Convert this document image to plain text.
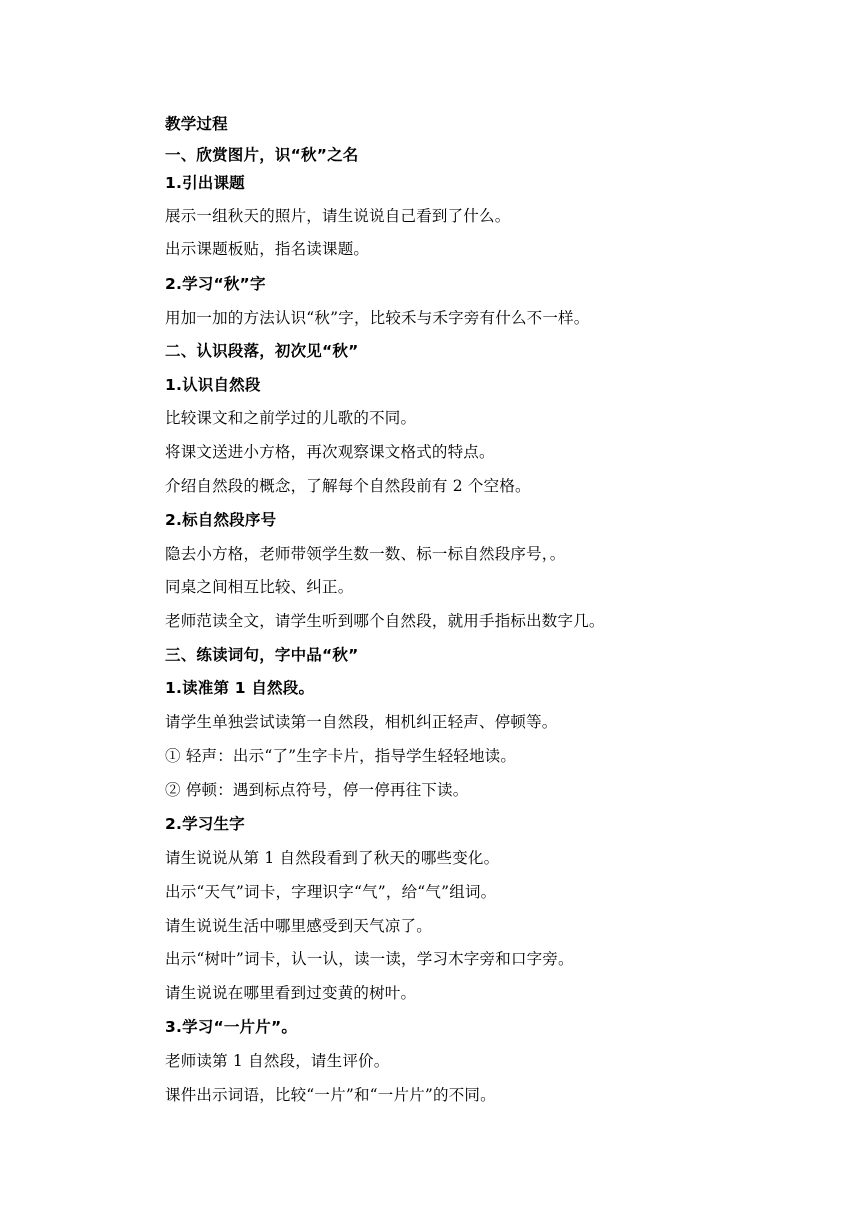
教学过程
一、欣赏图片，识“秋”之名
1.引出课题
展示一组秋天的照片，请生说说自己看到了什么。
出示课题板贴，指名读课题。
2.学习“秋”字
用加一加的方法认识“秋”字，比较禾与禾字旁有什么不一样。
二、认识段落，初次见“秋”
1.认识自然段
比较课文和之前学过的儿歌的不同。
将课文送进小方格，再次观察课文格式的特点。
介绍自然段的概念，了解每个自然段前有 2 个空格。
2.标自然段序号
隐去小方格，老师带领学生数一数、标一标自然段序号，。
同桌之间相互比较、纠正。
老师范读全文，请学生听到哪个自然段，就用手指标出数字几。
三、练读词句，字中品“秋”
1.读准第 1 自然段。
请学生单独尝试读第一自然段，相机纠正轻声、停顿等。
① 轻声：出示“了”生字卡片，指导学生轻轻地读。
② 停顿：遇到标点符号，停一停再往下读。
2.学习生字
请生说说从第 1 自然段看到了秋天的哪些变化。
出示“天气”词卡，字理识字“气”，给“气”组词。
请生说说生活中哪里感受到天气凉了。
出示“树叶”词卡，认一认，读一读，学习木字旁和口字旁。
请生说说在哪里看到过变黄的树叶。
3.学习“一片片”。
老师读第 1 自然段，请生评价。
课件出示词语，比较“一片”和“一片片”的不同。
